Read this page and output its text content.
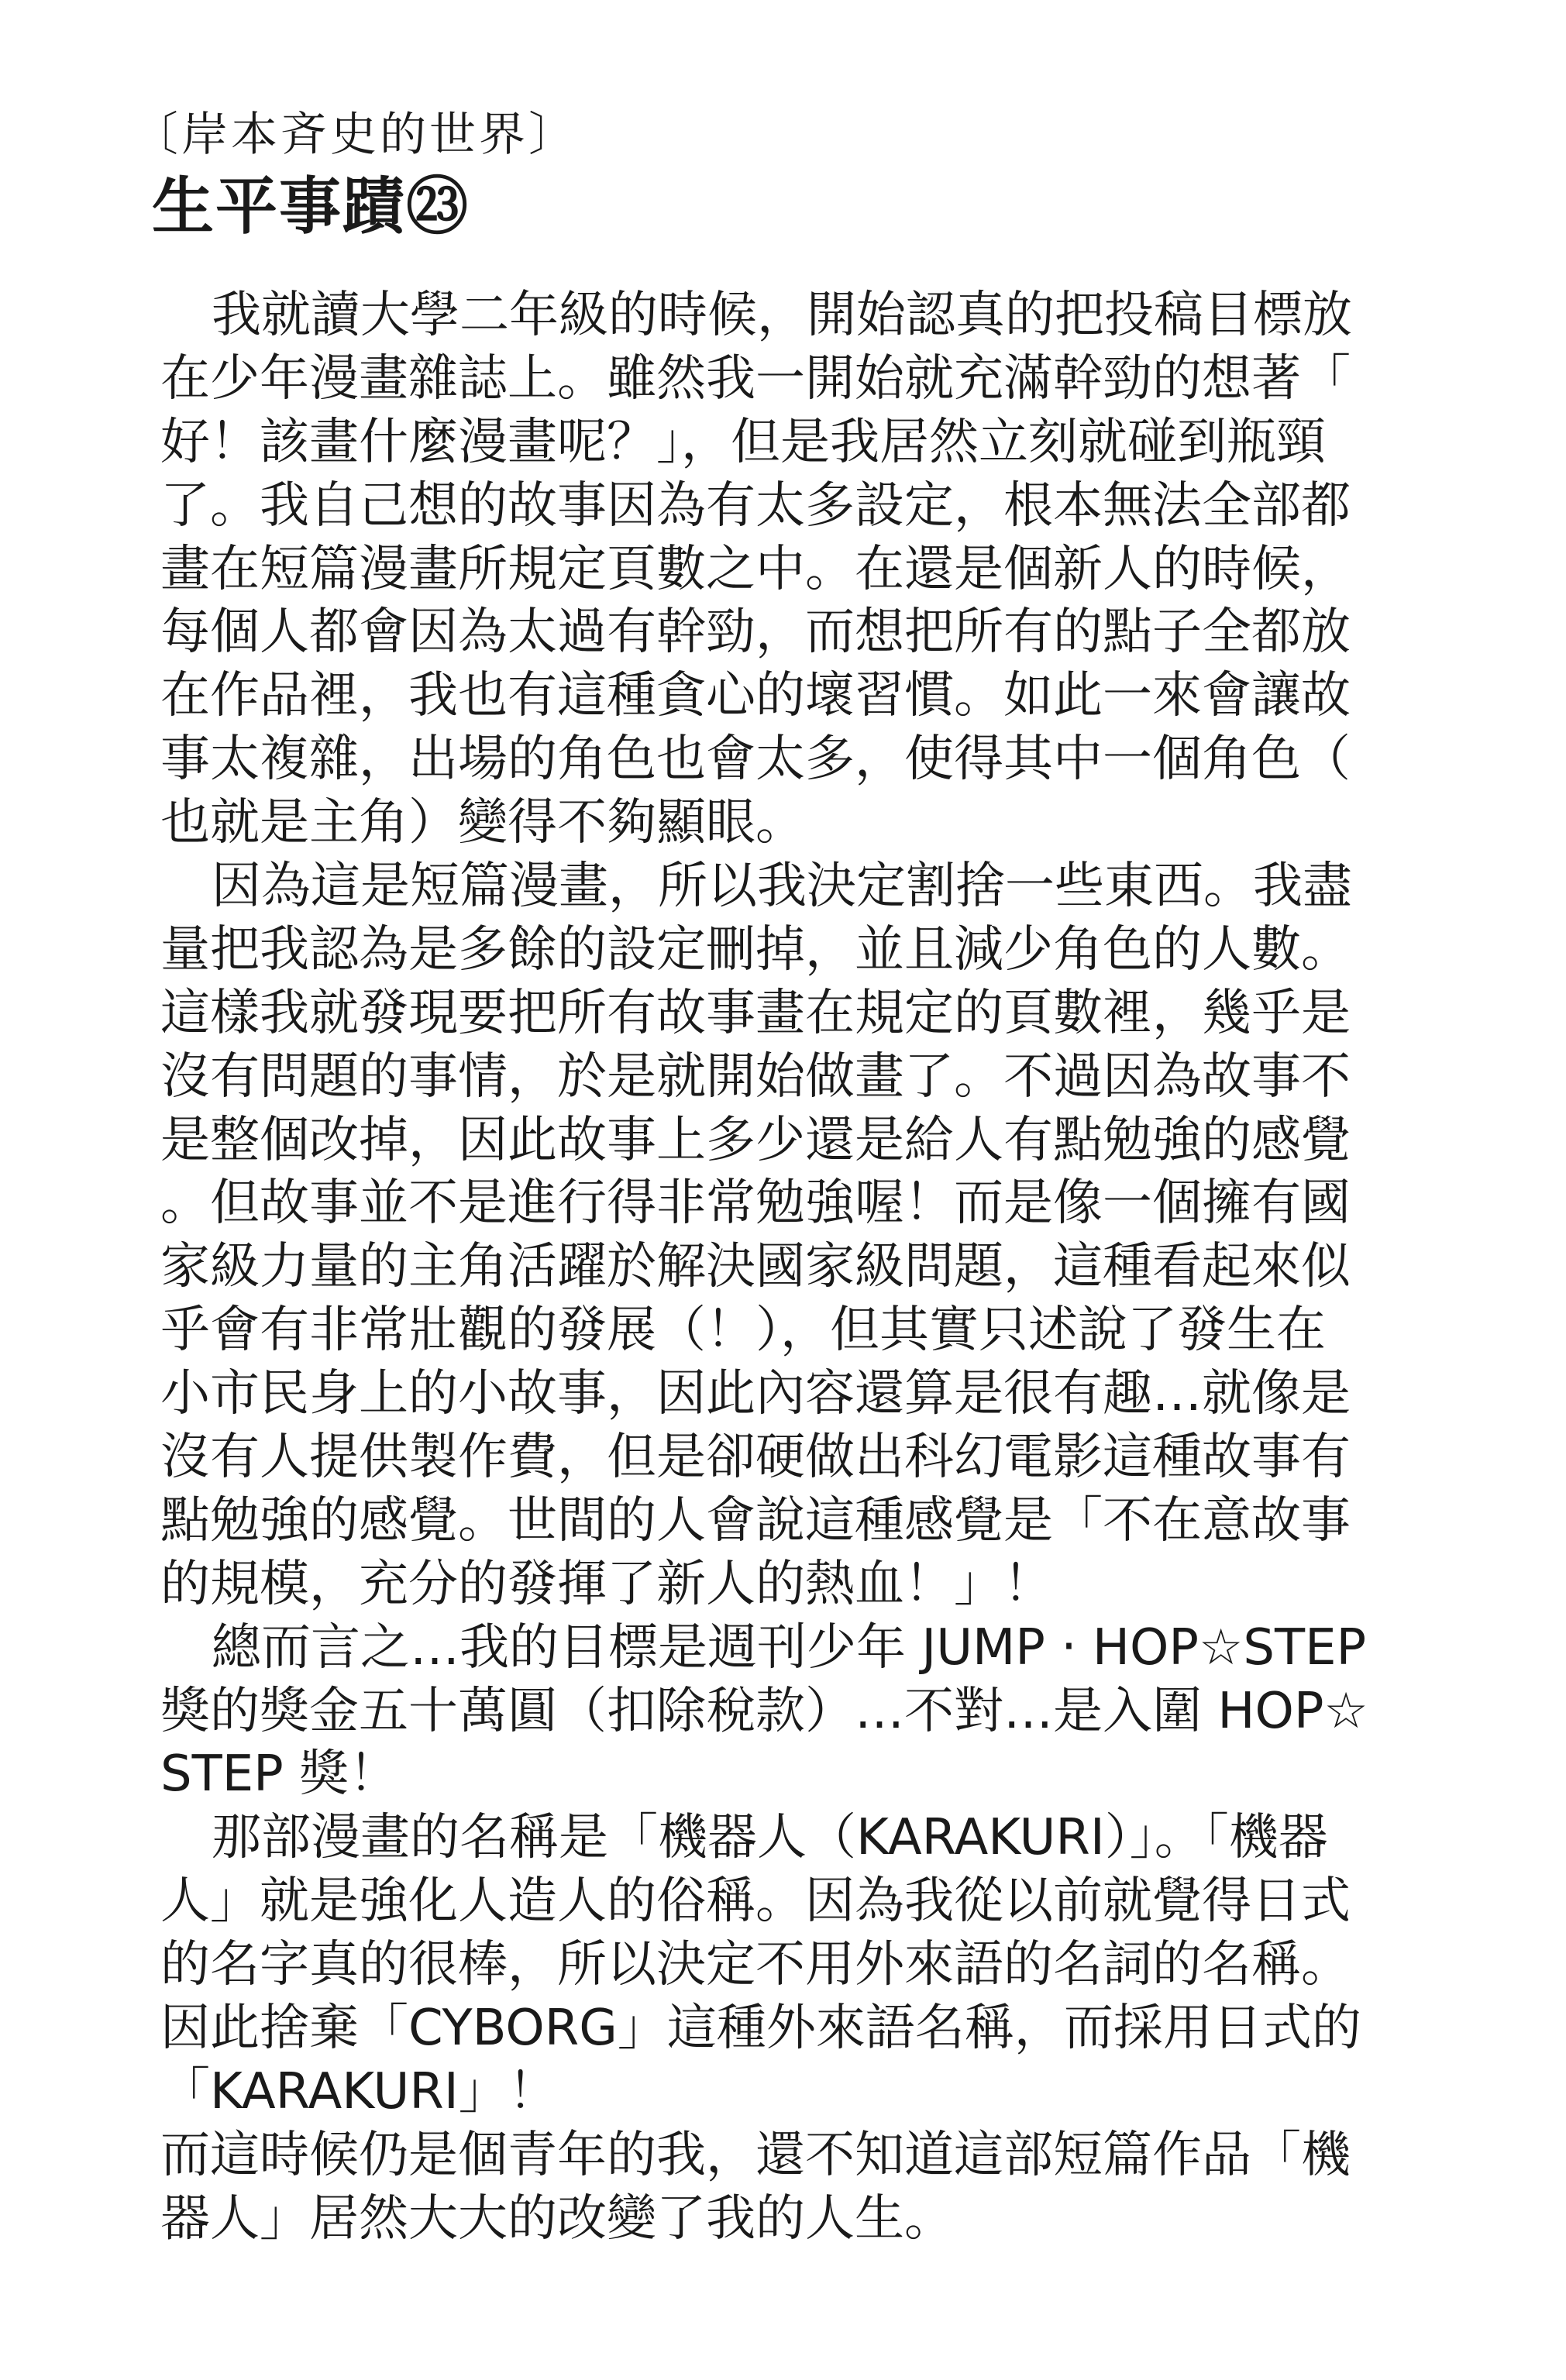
〔岸本斉史的世界〕
生平事蹟㉓
我就讀大學二年級的時候，開始認真的把投稿目標放
在少年漫畫雜誌上。雖然我一開始就充滿幹勁的想著「
好！該畫什麼漫畫呢？」，但是我居然立刻就碰到瓶頸
了。我自己想的故事因為有太多設定，根本無法全部都
畫在短篇漫畫所規定頁數之中。在還是個新人的時候，
每個人都會因為太過有幹勁，而想把所有的點子全都放
在作品裡，我也有這種貪心的壞習慣。如此一來會讓故
事太複雜，出場的角色也會太多，使得其中一個角色（
也就是主角）變得不夠顯眼。
因為這是短篇漫畫，所以我決定割捨一些東西。我盡
量把我認為是多餘的設定刪掉，並且減少角色的人數。
這樣我就發現要把所有故事畫在規定的頁數裡，幾乎是
沒有問題的事情，於是就開始做畫了。不過因為故事不
是整個改掉，因此故事上多少還是給人有點勉強的感覺
。但故事並不是進行得非常勉強喔！而是像一個擁有國
家級力量的主角活躍於解決國家級問題，這種看起來似
乎會有非常壯觀的發展（！），但其實只述說了發生在
小市民身上的小故事，因此內容還算是很有趣…就像是
沒有人提供製作費，但是卻硬做出科幻電影這種故事有
點勉強的感覺。世間的人會說這種感覺是「不在意故事
的規模，充分的發揮了新人的熱血！」！
總而言之…我的目標是週刊少年 JUMP ‧ HOP☆STEP
獎的獎金五十萬圓（扣除稅款）…不對…是入圍 HOP☆
STEP 獎！
那部漫畫的名稱是「機器人（KARAKURI）」。「機器
人」就是強化人造人的俗稱。因為我從以前就覺得日式
的名字真的很棒，所以決定不用外來語的名詞的名稱。
因此捨棄「CYBORG」這種外來語名稱，而採用日式的
「KARAKURI」！
而這時候仍是個青年的我，還不知道這部短篇作品「機
器人」居然大大的改變了我的人生。
